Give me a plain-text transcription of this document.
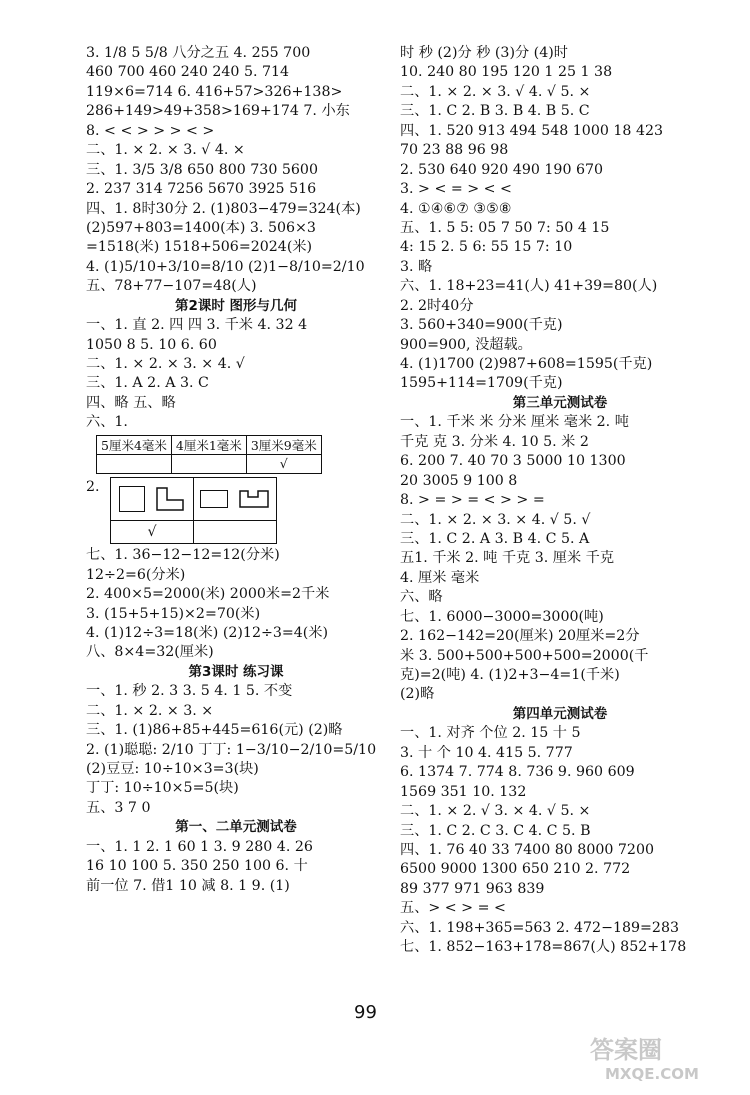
3. 1/8 5 5/8 八分之五 4. 255 700
460 700 460 240 240 5. 714
119×6=714 6. 416+57>326+138>
286+149>49+358>169+174 7. 小东
8. < < > > > < >
二、1. × 2. × 3. √ 4. ×
三、1. 3/5 3/8 650 800 730 5600
2. 237 314 7256 5670 3925 516
四、1. 8时30分 2. (1)803−479=324(本)
(2)597+803=1400(本) 3. 506×3
=1518(米) 1518+506=2024(米)
4. (1)5/10+3/10=8/10 (2)1−8/10=2/10
五、78+77−107=48(人)
第2课时 图形与几何
一、1. 直 2. 四 四 3. 千米 4. 32 4
1050 8 5. 10 6. 60
二、1. × 2. × 3. × 4. √
三、1. A 2. A 3. C
四、略 五、略
六、1.
5厘米4毫米	4厘米1毫米	3厘米9毫米
		√
2.

√	
七、1. 36−12−12=12(分米)
12÷2=6(分米)
2. 400×5=2000(米) 2000米=2千米
3. (15+5+15)×2=70(米)
4. (1)12÷3=18(米) (2)12÷3=4(米)
八、8×4=32(厘米)
第3课时 练习课
一、1. 秒 2. 3 3. 5 4. 1 5. 不变
二、1. × 2. × 3. ×
三、1. (1)86+85+445=616(元) (2)略
2. (1)聪聪: 2/10 丁丁: 1−3/10−2/10=5/10
(2)豆豆: 10÷10×3=3(块)
丁丁: 10÷10×5=5(块)
五、3 7 0
第一、二单元测试卷
一、1. 1 2. 1 60 1 3. 9 280 4. 26
16 10 100 5. 350 250 100 6. 十
前一位 7. 借1 10 减 8. 1 9. (1)
时 秒 (2)分 秒 (3)分 (4)时
10. 240 80 195 120 1 25 1 38
二、1. × 2. × 3. √ 4. √ 5. ×
三、1. C 2. B 3. B 4. B 5. C
四、1. 520 913 494 548 1000 18 423
70 23 88 96 98
2. 530 640 920 490 190 670
3. > < = > < <
4. ①④⑥⑦ ③⑤⑧
五、1. 5 5: 05 7 50 7: 50 4 15
4: 15 2. 5 6: 55 15 7: 10
3. 略
六、1. 18+23=41(人) 41+39=80(人)
2. 2时40分
3. 560+340=900(千克)
900=900, 没超载。
4. (1)1700 (2)987+608=1595(千克)
1595+114=1709(千克)
第三单元测试卷
一、1. 千米 米 分米 厘米 毫米 2. 吨
千克 克 3. 分米 4. 10 5. 米 2
6. 200 7. 40 70 3 5000 10 1300
20 3005 9 100 8
8. > = > = < > > =
二、1. × 2. × 3. × 4. √ 5. √
三、1. C 2. A 3. B 4. C 5. A
五1. 千米 2. 吨 千克 3. 厘米 千克
4. 厘米 毫米
六、略
七、1. 6000−3000=3000(吨)
2. 162−142=20(厘米) 20厘米=2分
米 3. 500+500+500+500=2000(千
克)=2(吨) 4. (1)2+3−4=1(千米)
(2)略
第四单元测试卷
一、1. 对齐 个位 2. 15 十 5
3. 十 个 10 4. 415 5. 777
6. 1374 7. 774 8. 736 9. 960 609
1569 351 10. 132
二、1. × 2. √ 3. × 4. √ 5. ×
三、1. C 2. C 3. C 4. C 5. B
四、1. 76 40 33 7400 80 8000 7200
6500 9000 1300 650 210 2. 772
89 377 971 963 839
五、> < > = <
六、1. 198+365=563 2. 472−189=283
七、1. 852−163+178=867(人) 852+178
99
答案圈
MXQE.COM
